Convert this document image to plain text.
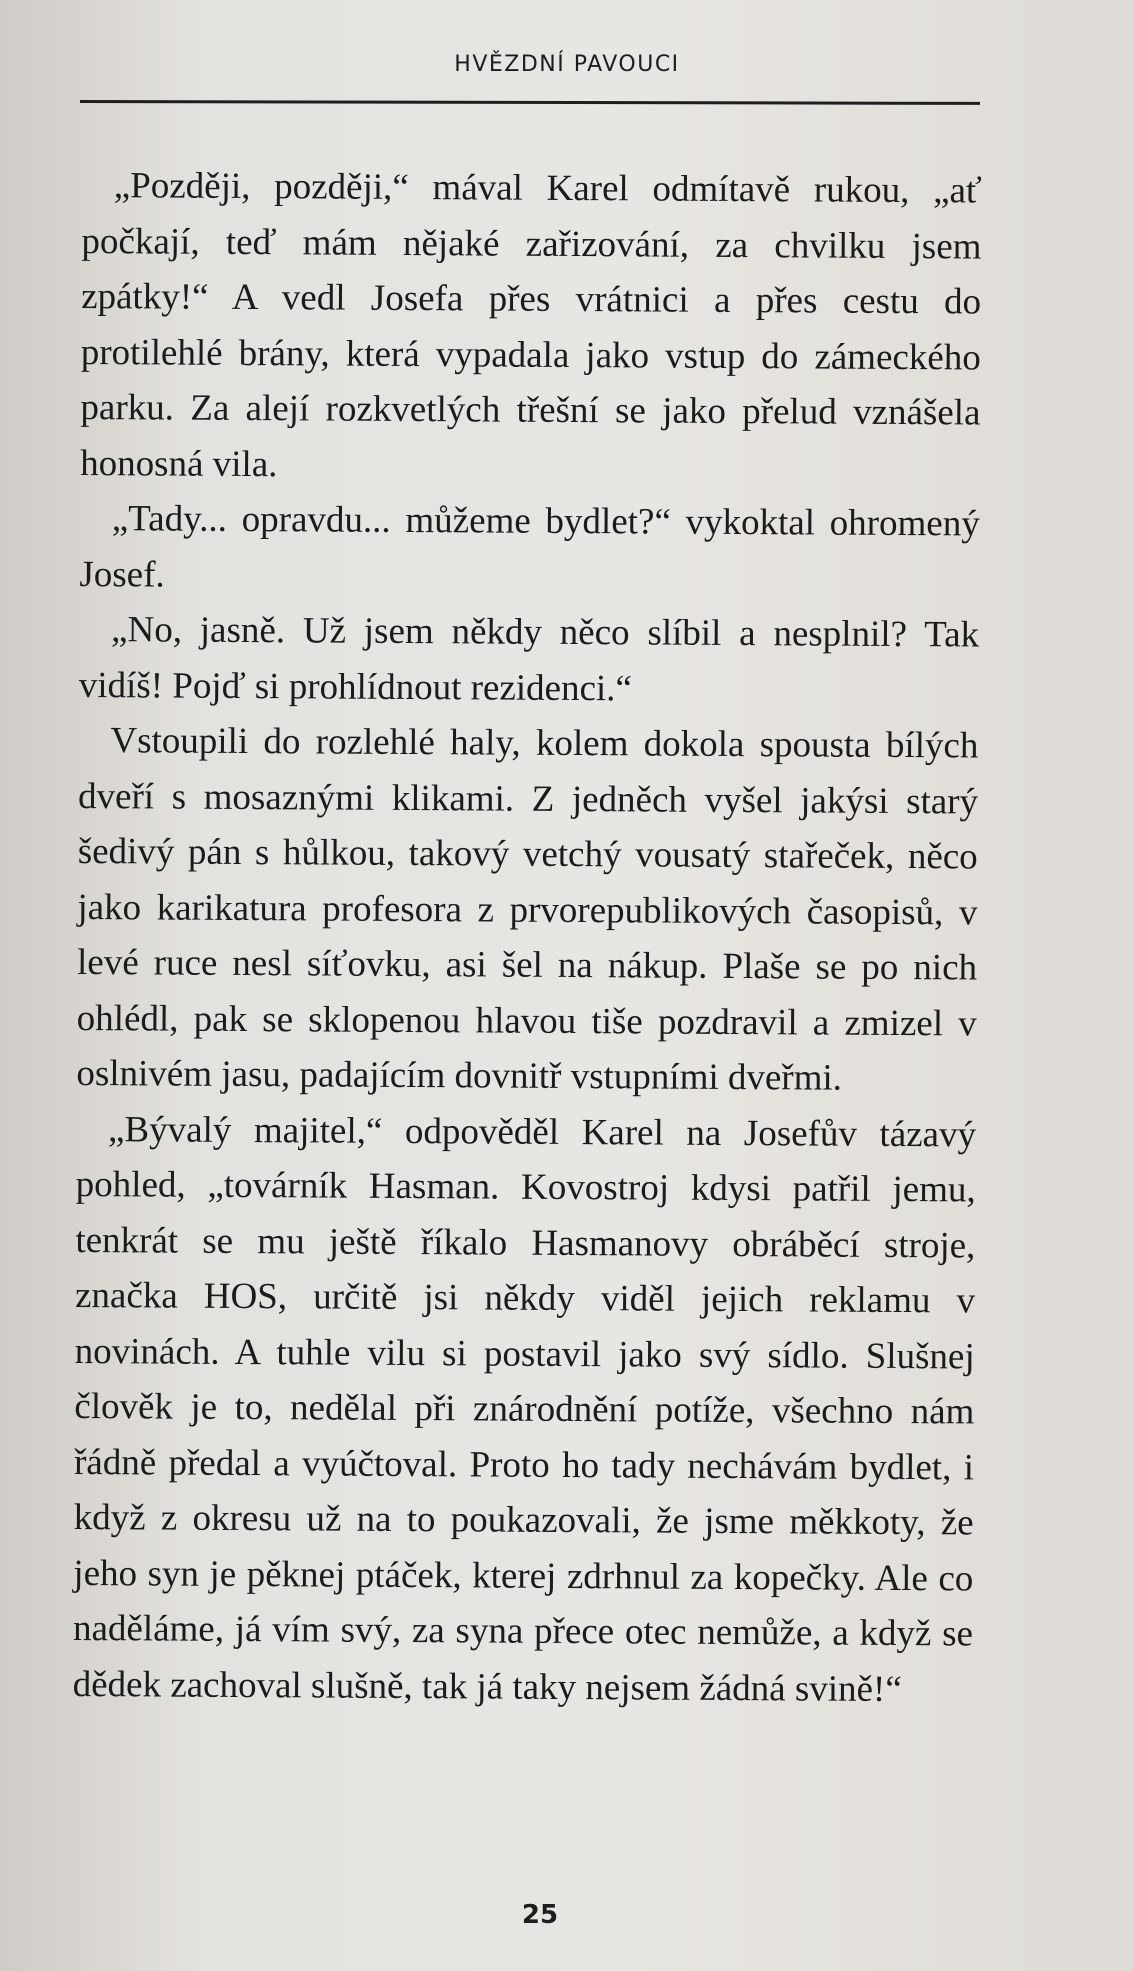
HVĚZDNÍ PAVOUCI

„Později, později,“ mával Karel odmítavě rukou, „ať počkají, teď mám nějaké zařizování, za chvilku jsem zpátky!“ A vedl Josefa přes vrátnici a přes cestu do protilehlé brány, která vypadala jako vstup do zámeckého parku. Za alejí rozkvetlých třešní se jako přelud vznášela honosná vila.

„Tady... opravdu... můžeme bydlet?“ vykoktal ohromený Josef.

„No, jasně. Už jsem někdy něco slíbil a nesplnil? Tak vidíš! Pojď si prohlídnout rezidenci.“

Vstoupili do rozlehlé haly, kolem dokola spousta bílých dveří s mosaznými klikami. Z jedněch vyšel jakýsi starý šedivý pán s hůlkou, takový vetchý vousatý stařeček, něco jako karikatura profesora z prvorepublikových časopisů, v levé ruce nesl síťovku, asi šel na nákup. Plaše se po nich ohlédl, pak se sklopenou hlavou tiše pozdravil a zmizel v oslnivém jasu, padajícím dovnitř vstupními dveřmi.

„Bývalý majitel,“ odpověděl Karel na Josefův tázavý pohled, „továrník Hasman. Kovostroj kdysi patřil jemu, tenkrát se mu ještě říkalo Hasmanovy obráběcí stroje, značka HOS, určitě jsi někdy viděl jejich reklamu v novinách. A tuhle vilu si postavil jako svý sídlo. Slušnej člověk je to, nedělal při znárodnění potíže, všechno nám řádně předal a vyúčtoval. Proto ho tady nechávám bydlet, i když z okresu už na to poukazovali, že jsme měkkoty, že jeho syn je pěknej ptáček, kterej zdrhnul za kopečky. Ale co naděláme, já vím svý, za syna přece otec nemůže, a když se dědek zachoval slušně, tak já taky nejsem žádná svině!“

25
